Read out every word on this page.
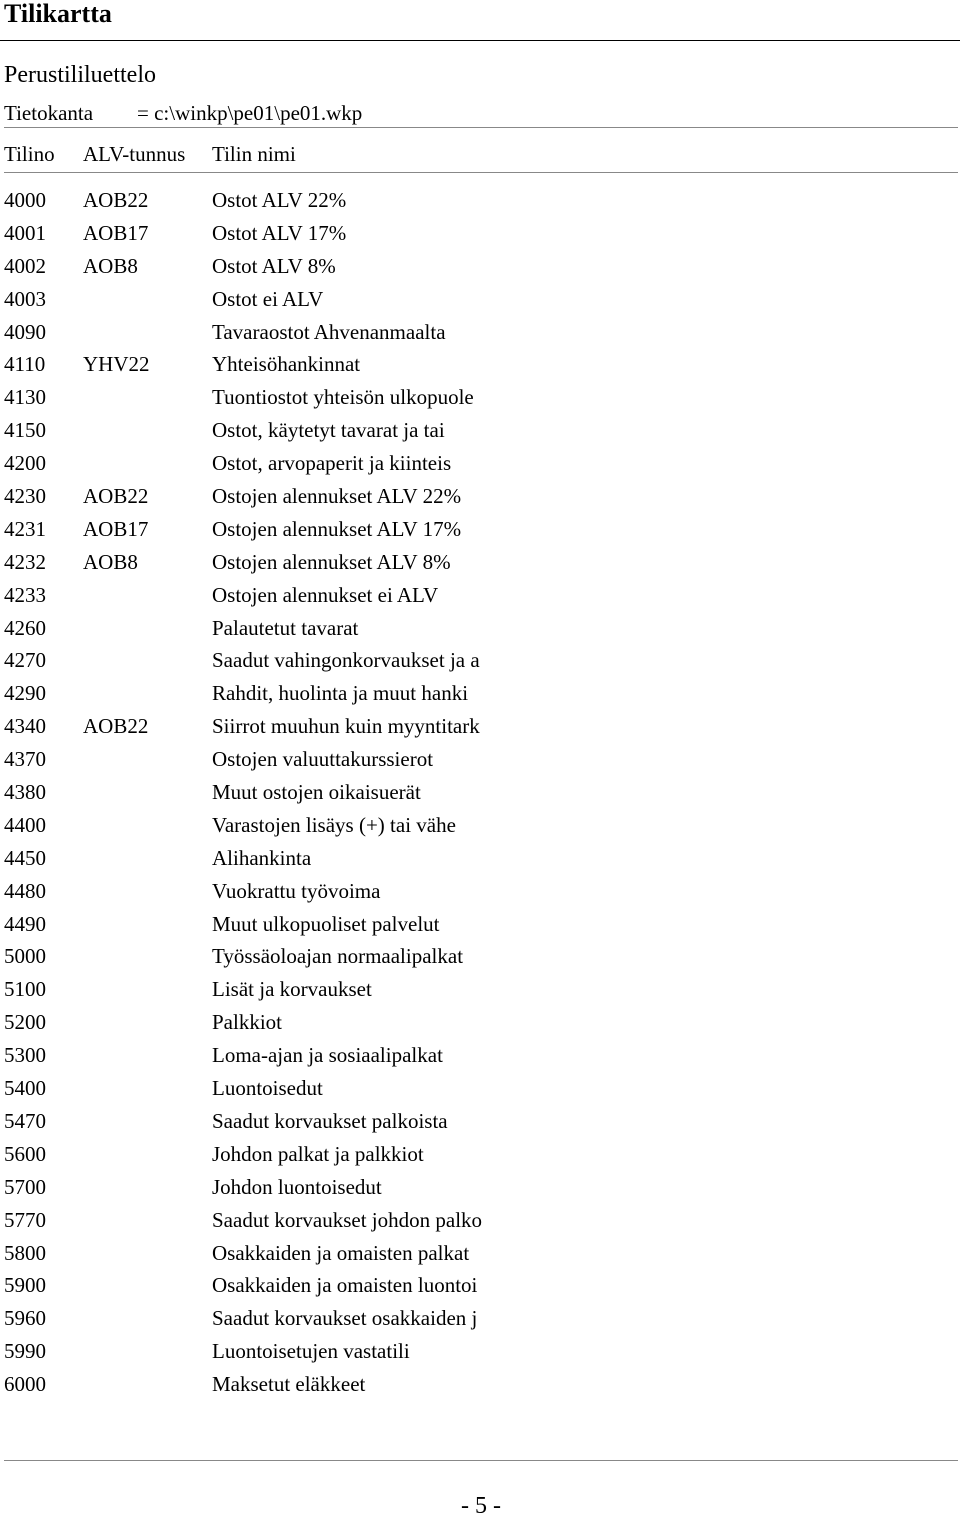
Tilikartta
Perustililuettelo
Tietokanta = c:\winkp\pe01\pe01.wkp
Tilino ALV-tunnus Tilin nimi
4000 AOB22	Ostot ALV 22%
4001 AOB17	Ostot ALV 17%
4002 AOB8	Ostot ALV 8%
4003	Ostot ei ALV
4090	Tavaraostot Ahvenanmaalta
4110 YHV22	Yhteisöhankinnat
4130	Tuontiostot yhteisön ulkopuole
4150	Ostot, käytetyt tavarat ja tai
4200	Ostot, arvopaperit ja kiinteis
4230 AOB22	Ostojen alennukset ALV 22%
4231 AOB17	Ostojen alennukset ALV 17%
4232 AOB8	Ostojen alennukset ALV 8%
4233	Ostojen alennukset ei ALV
4260	Palautetut tavarat
4270	Saadut vahingonkorvaukset ja a
4290	Rahdit, huolinta ja muut hanki
4340 AOB22	Siirrot muuhun kuin myyntitark
4370	Ostojen valuuttakurssierot
4380	Muut ostojen oikaisuerät
4400	Varastojen lisäys (+) tai vähe
4450	Alihankinta
4480	Vuokrattu työvoima
4490	Muut ulkopuoliset palvelut
5000	Työssäoloajan normaalipalkat
5100	Lisät ja korvaukset
5200	Palkkiot
5300	Loma-ajan ja sosiaalipalkat
5400	Luontoisedut
5470	Saadut korvaukset palkoista
5600	Johdon palkat ja palkkiot
5700	Johdon luontoisedut
5770	Saadut korvaukset johdon palko
5800	Osakkaiden ja omaisten palkat
5900	Osakkaiden ja omaisten luontoi
5960	Saadut korvaukset osakkaiden j
5990	Luontoisetujen vastatili
6000	Maksetut eläkkeet
- 5 -
